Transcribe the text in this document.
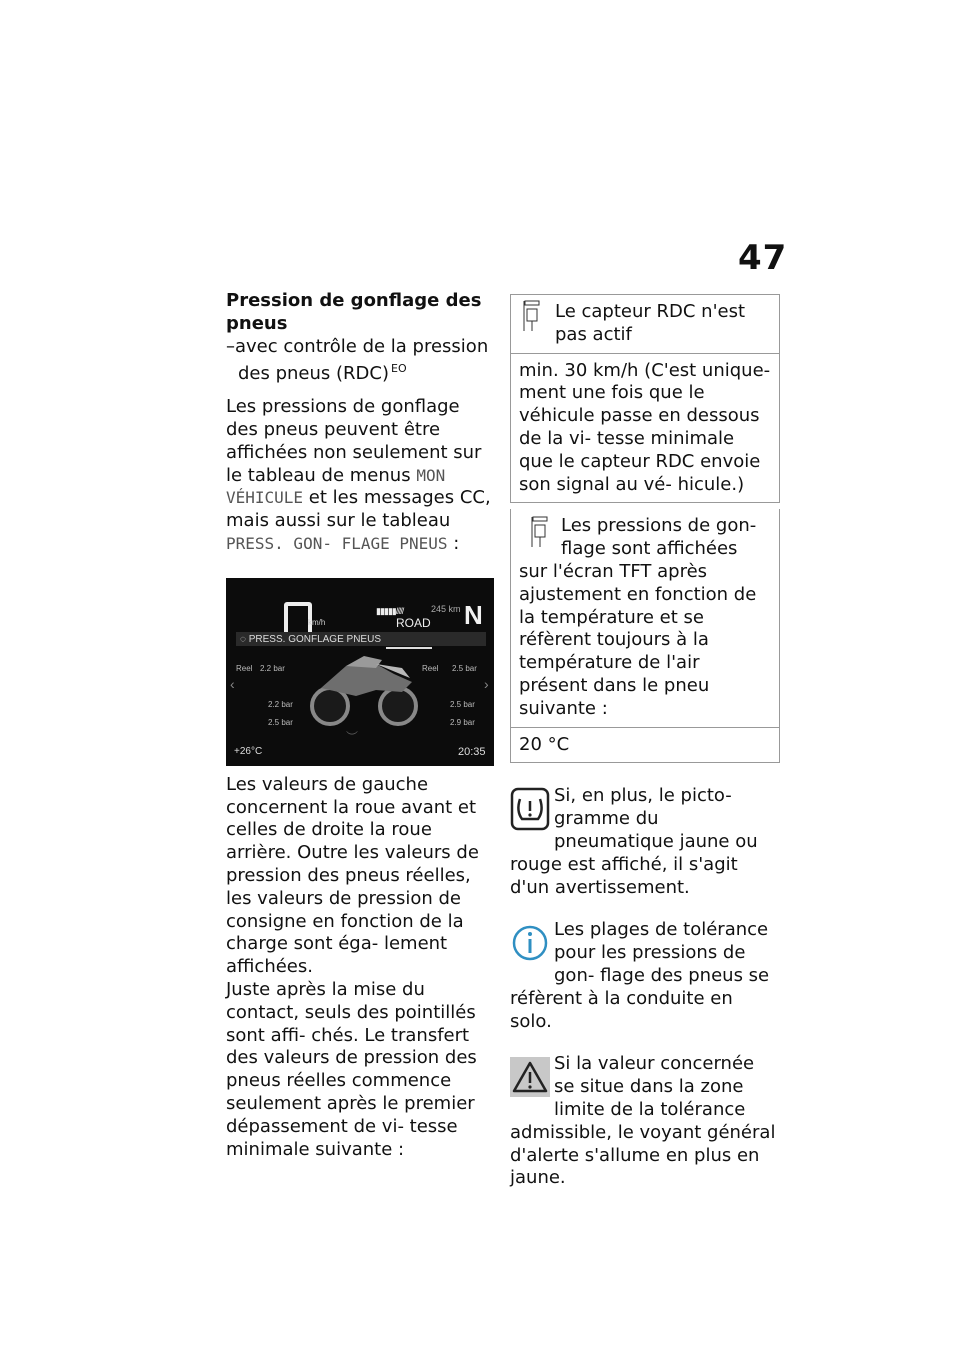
47

Pression de gonflage des

pneus

–avec contrôle de la pression des pneus (RDC) $^{EO}$

Les pressions de gonflage des pneus peuvent être affichées non seulement sur le tableau de menus MON VÉHICULE et les messages CC, mais aussi sur le tableau PRESS. GON- FLAGE PNEUS :

km/h
▮▮▮▮▮/////	245 km
ROAD N
◌ PRESS. GONFLAGE PNEUS
Reel 2.2 bar	Reel 2.5 bar
‹	›
2.2 bar
2.5 bar
2.5 bar
2.9 bar
︶
+26°C	20:35

Les valeurs de gauche concernent la roue avant et celles de droite la roue arrière. Outre les valeurs de pression des pneus réelles, les valeurs de pression de consigne en fonction de la charge sont éga- lement affichées.

Juste après la mise du contact, seuls des pointillés sont affi- chés. Le transfert des valeurs de pression des pneus réelles commence seulement après le premier dépassement de vi- tesse minimale suivante :

Le capteur RDC n'est pas actif

min. 30 km/h (C'est unique- ment une fois que le véhicule passe en dessous de la vi- tesse minimale que le capteur RDC envoie son signal au vé- hicule.)

Les pressions de gon- flage sont affichées sur l'écran TFT après ajustement en fonction de la température et se réfèrent toujours à la température de l'air présent dans le pneu suivante :

20 °C

Si, en plus, le picto- gramme du pneumatique jaune ou rouge est affiché, il s'agit d'un avertissement.

Les plages de tolérance pour les pressions de gon- flage des pneus se réfèrent à la conduite en solo.

Si la valeur concernée se situe dans la zone limite de la tolérance admissible, le voyant général d'alerte s'allume en plus en jaune.
